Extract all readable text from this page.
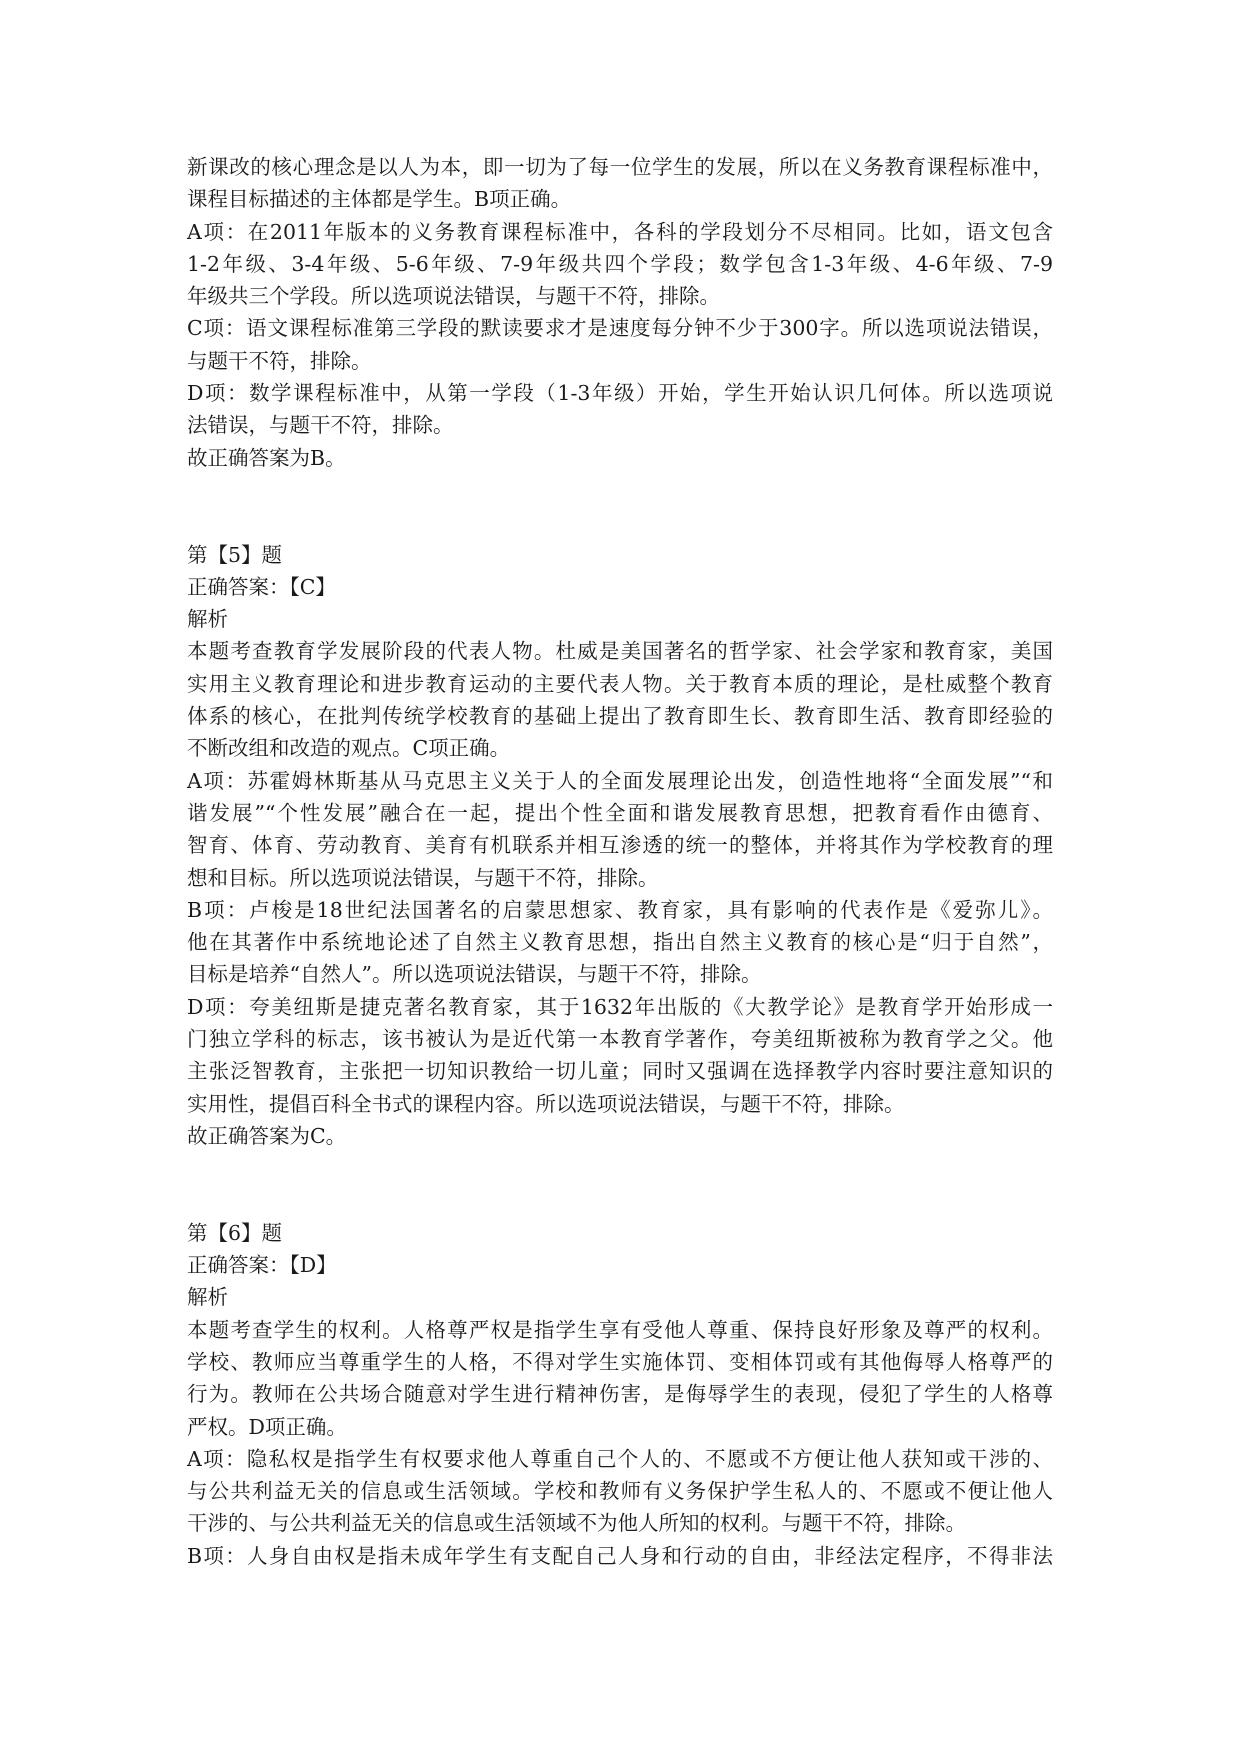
新课改的核心理念是以人为本，即一切为了每一位学生的发展，所以在义务教育课程标准中，
课程目标描述的主体都是学生。B项正确。
A项：在2011年版本的义务教育课程标准中，各科的学段划分不尽相同。比如，语文包含
1-2年级、3-4年级、5-6年级、7-9年级共四个学段；数学包含1-3年级、4-6年级、7-9
年级共三个学段。所以选项说法错误，与题干不符，排除。
C项：语文课程标准第三学段的默读要求才是速度每分钟不少于300字。所以选项说法错误，
与题干不符，排除。
D项：数学课程标准中，从第一学段（1-3年级）开始，学生开始认识几何体。所以选项说
法错误，与题干不符，排除。
故正确答案为B。
第【5】题
正确答案：【C】
解析
本题考查教育学发展阶段的代表人物。杜威是美国著名的哲学家、社会学家和教育家，美国
实用主义教育理论和进步教育运动的主要代表人物。关于教育本质的理论，是杜威整个教育
体系的核心，在批判传统学校教育的基础上提出了教育即生长、教育即生活、教育即经验的
不断改组和改造的观点。C项正确。
A项：苏霍姆林斯基从马克思主义关于人的全面发展理论出发，创造性地将“全面发展”“和
谐发展”“个性发展”融合在一起，提出个性全面和谐发展教育思想，把教育看作由德育、
智育、体育、劳动教育、美育有机联系并相互渗透的统一的整体，并将其作为学校教育的理
想和目标。所以选项说法错误，与题干不符，排除。
B项：卢梭是18世纪法国著名的启蒙思想家、教育家，具有影响的代表作是《爱弥儿》。
他在其著作中系统地论述了自然主义教育思想，指出自然主义教育的核心是“归于自然”，
目标是培养“自然人”。所以选项说法错误，与题干不符，排除。
D项：夸美纽斯是捷克著名教育家，其于1632年出版的《大教学论》是教育学开始形成一
门独立学科的标志，该书被认为是近代第一本教育学著作，夸美纽斯被称为教育学之父。他
主张泛智教育，主张把一切知识教给一切儿童；同时又强调在选择教学内容时要注意知识的
实用性，提倡百科全书式的课程内容。所以选项说法错误，与题干不符，排除。
故正确答案为C。
第【6】题
正确答案：【D】
解析
本题考查学生的权利。人格尊严权是指学生享有受他人尊重、保持良好形象及尊严的权利。
学校、教师应当尊重学生的人格，不得对学生实施体罚、变相体罚或有其他侮辱人格尊严的
行为。教师在公共场合随意对学生进行精神伤害，是侮辱学生的表现，侵犯了学生的人格尊
严权。D项正确。
A项：隐私权是指学生有权要求他人尊重自己个人的、不愿或不方便让他人获知或干涉的、
与公共利益无关的信息或生活领域。学校和教师有义务保护学生私人的、不愿或不便让他人
干涉的、与公共利益无关的信息或生活领域不为他人所知的权利。与题干不符，排除。
B项：人身自由权是指未成年学生有支配自己人身和行动的自由，非经法定程序，不得非法
